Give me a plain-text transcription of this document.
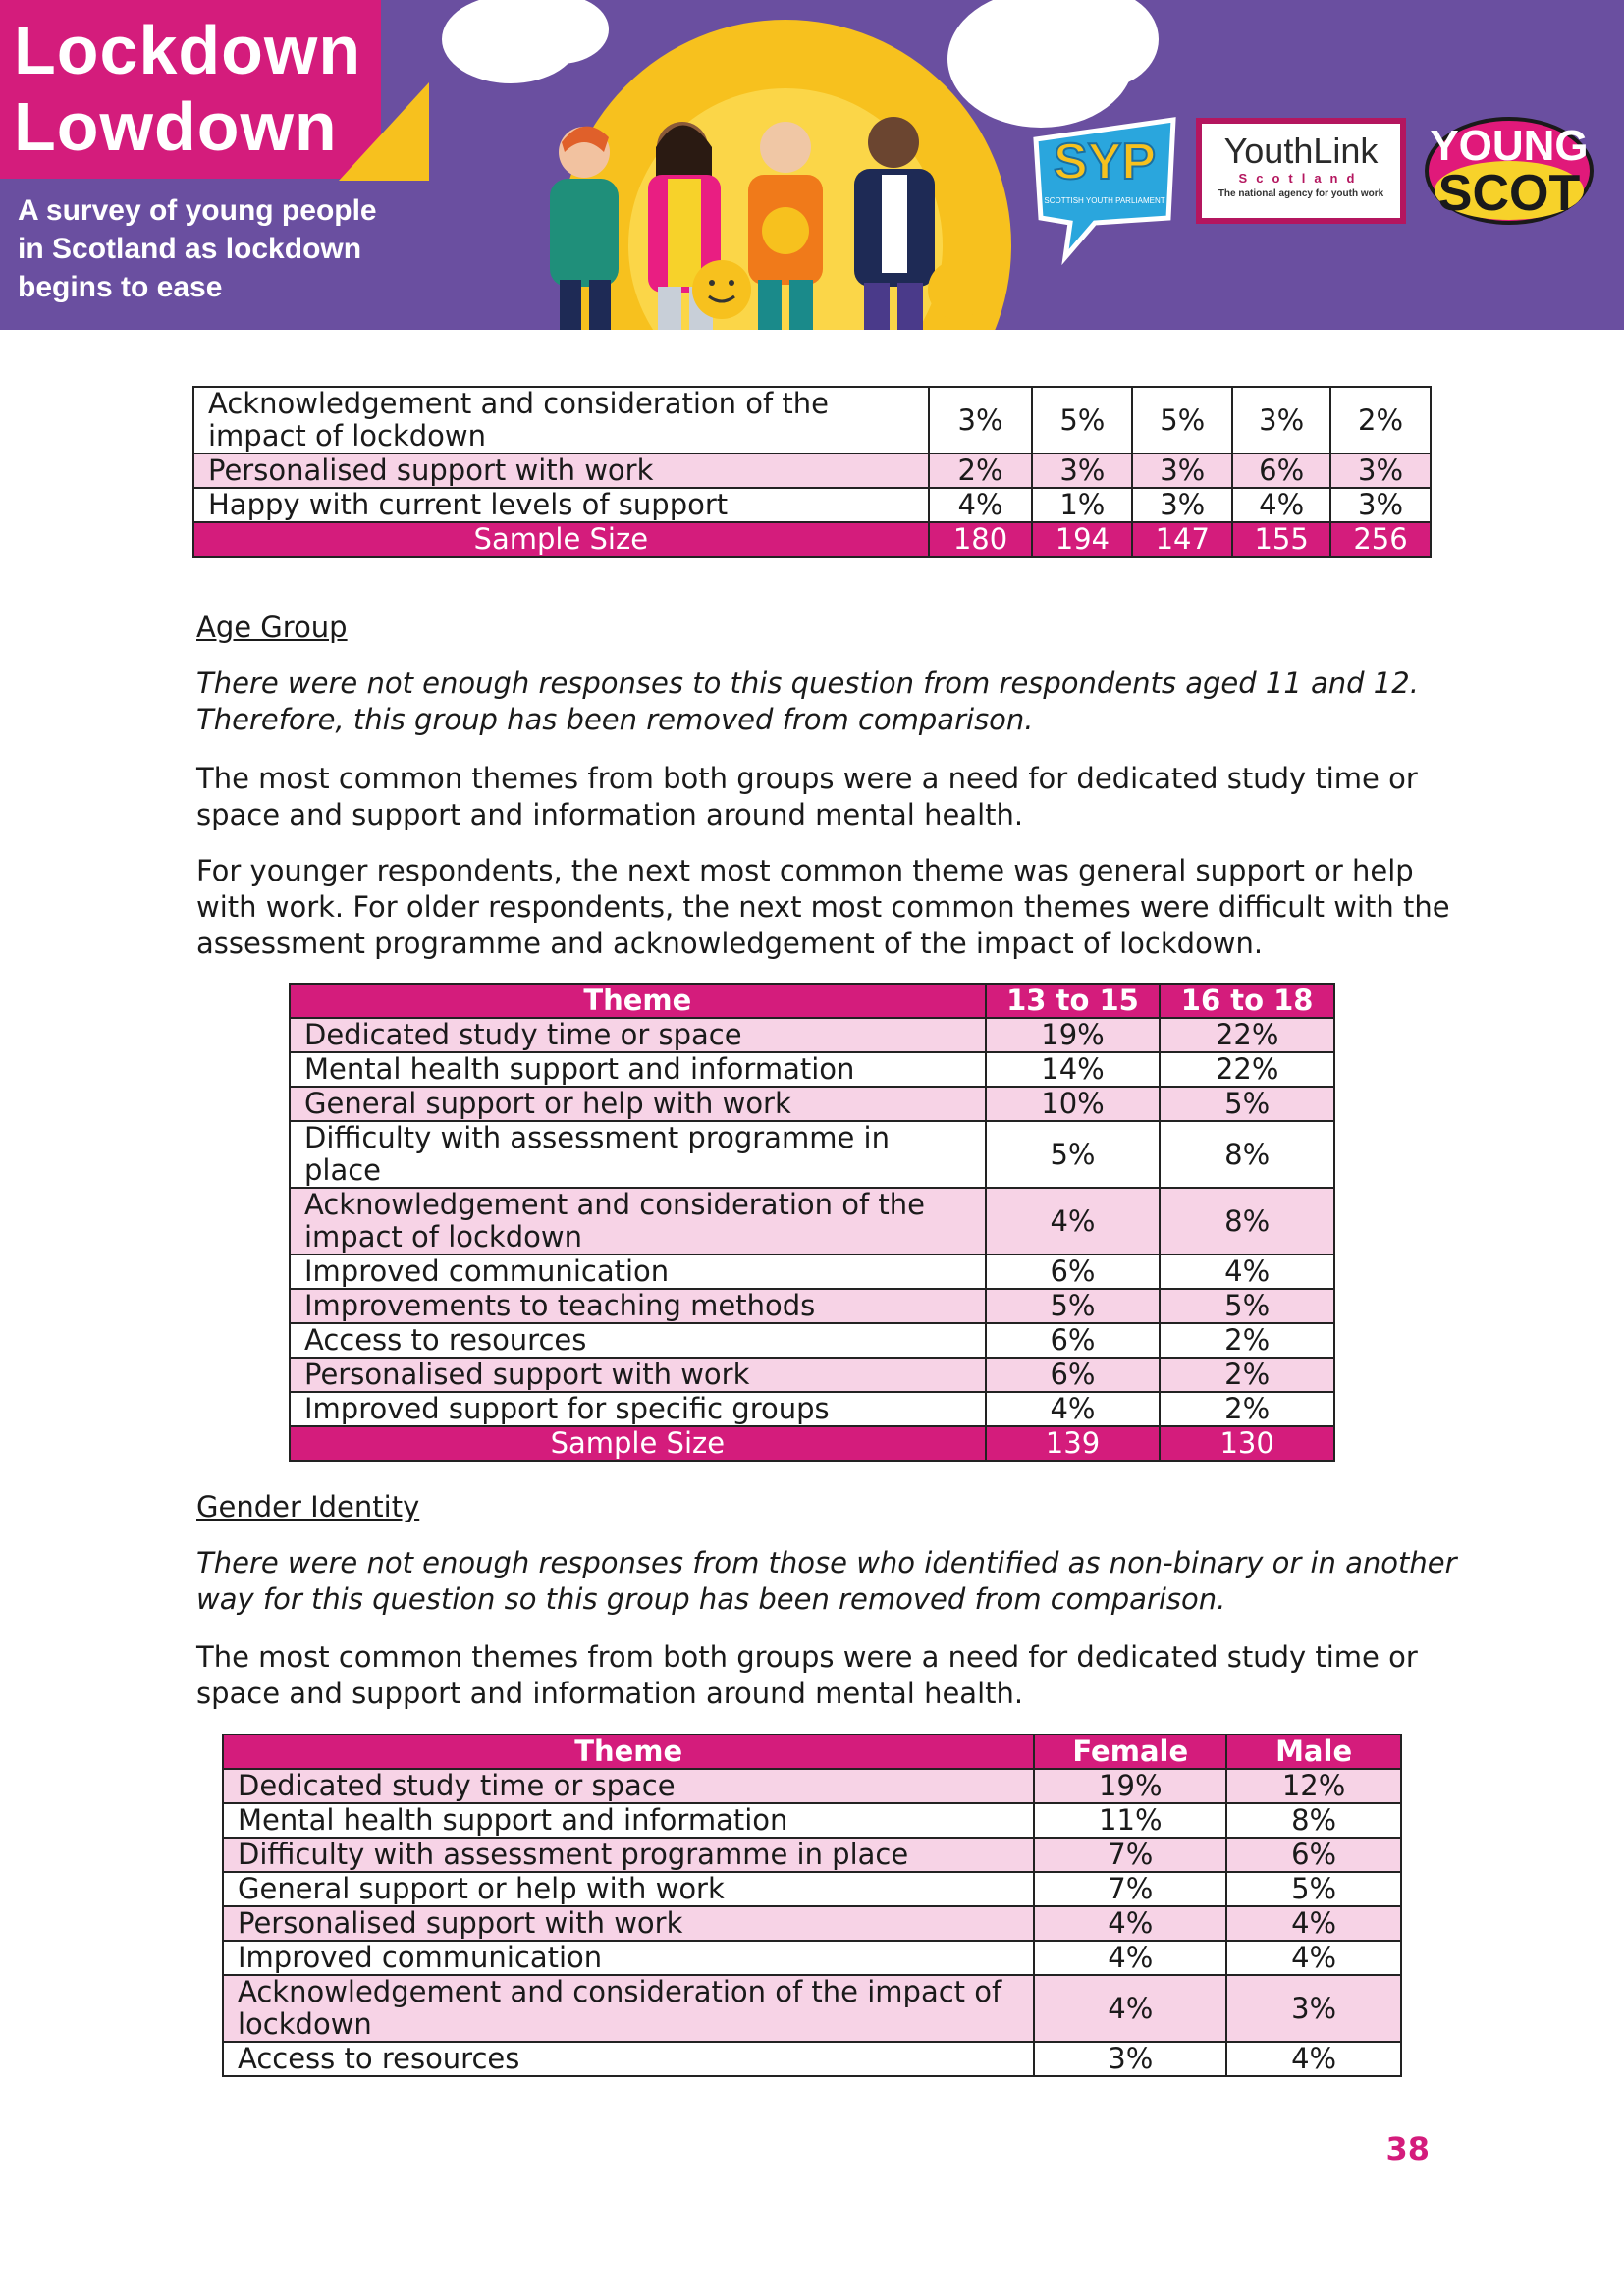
Lockdown
Lowdown
A survey of young people in Scotland as lockdown begins to ease
SYP
SCOTTISH YOUTH PARLIAMENT
YouthLink
Scotland
The national agency for youth work
YOUNG
SCOT
Acknowledgement and consideration of the impact of lockdown	3%	5%	5%	3%	2%
Personalised support with work	2%	3%	3%	6%	3%
Happy with current levels of support	4%	1%	3%	4%	3%
Sample Size	180	194	147	155	256
Age Group
There were not enough responses to this question from respondents aged 11 and 12. Therefore, this group has been removed from comparison.
The most common themes from both groups were a need for dedicated study time or space and support and information around mental health.
For younger respondents, the next most common theme was general support or help with work. For older respondents, the next most common themes were difficult with the assessment programme and acknowledgement of the impact of lockdown.
Theme	13 to 15	16 to 18
Dedicated study time or space	19%	22%
Mental health support and information	14%	22%
General support or help with work	10%	5%
Difficulty with assessment programme in place	5%	8%
Acknowledgement and consideration of the impact of lockdown	4%	8%
Improved communication	6%	4%
Improvements to teaching methods	5%	5%
Access to resources	6%	2%
Personalised support with work	6%	2%
Improved support for specific groups	4%	2%
Sample Size	139	130
Gender Identity
There were not enough responses from those who identified as non-binary or in another way for this question so this group has been removed from comparison.
The most common themes from both groups were a need for dedicated study time or space and support and information around mental health.
Theme	Female	Male
Dedicated study time or space	19%	12%
Mental health support and information	11%	8%
Difficulty with assessment programme in place	7%	6%
General support or help with work	7%	5%
Personalised support with work	4%	4%
Improved communication	4%	4%
Acknowledgement and consideration of the impact of lockdown	4%	3%
Access to resources	3%	4%
38
